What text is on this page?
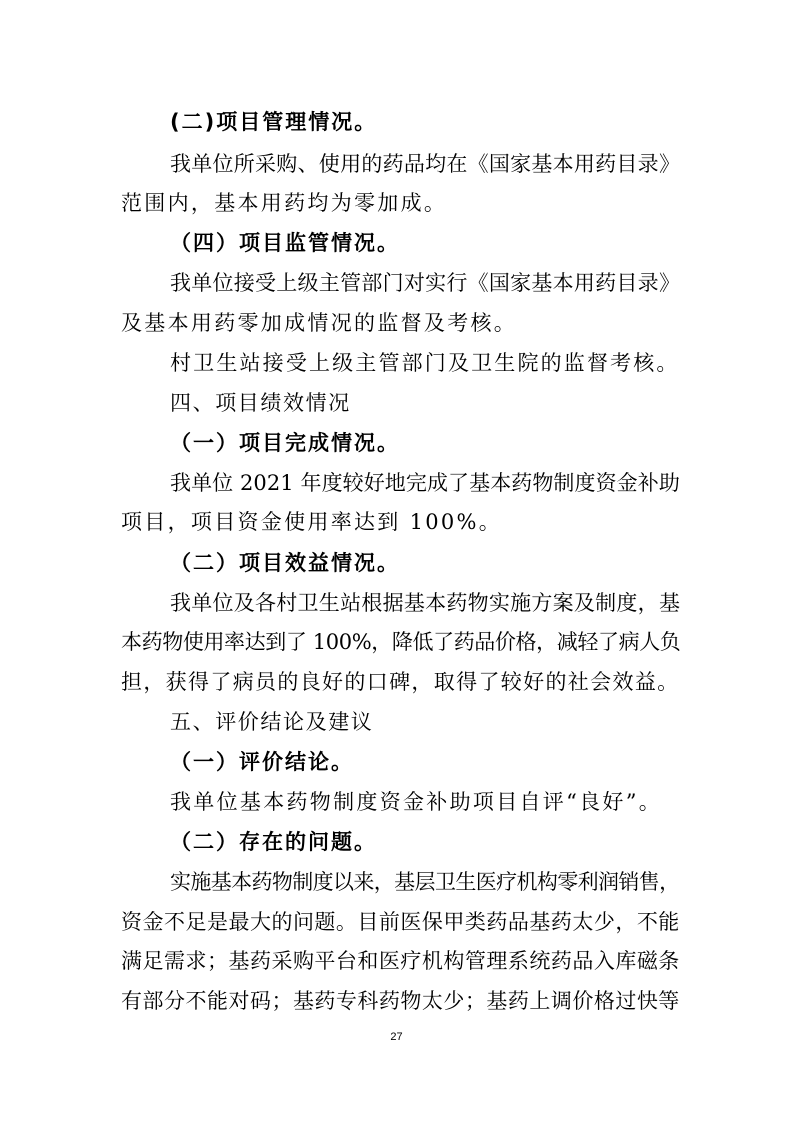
(二)项目管理情况。
我单位所采购、使用的药品均在《国家基本用药目录》
范围内，基本用药均为零加成。
（四）项目监管情况。
我单位接受上级主管部门对实行《国家基本用药目录》
及基本用药零加成情况的监督及考核。
村卫生站接受上级主管部门及卫生院的监督考核。
四、项目绩效情况
（一）项目完成情况。
我单位 2021 年度较好地完成了基本药物制度资金补助
项目，项目资金使用率达到 100%。
（二）项目效益情况。
我单位及各村卫生站根据基本药物实施方案及制度，基
本药物使用率达到了 100%，降低了药品价格，减轻了病人负
担，获得了病员的良好的口碑，取得了较好的社会效益。
五、评价结论及建议
（一）评价结论。
我单位基本药物制度资金补助项目自评“良好”。
（二）存在的问题。
实施基本药物制度以来，基层卫生医疗机构零利润销售，
资金不足是最大的问题。目前医保甲类药品基药太少，不能
满足需求；基药采购平台和医疗机构管理系统药品入库磁条
有部分不能对码；基药专科药物太少；基药上调价格过快等
27
